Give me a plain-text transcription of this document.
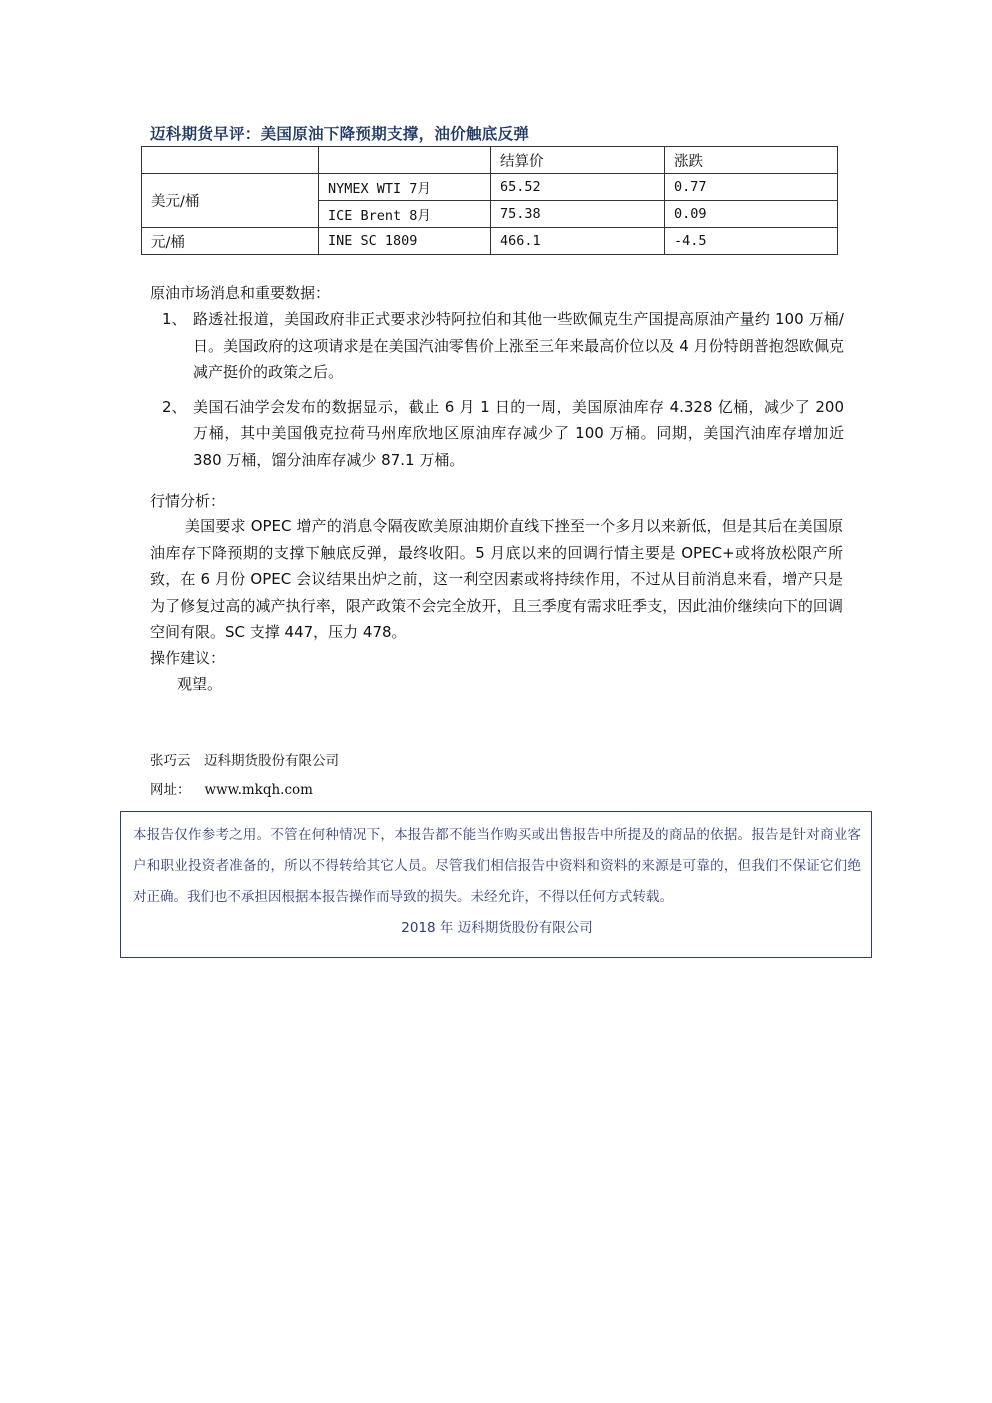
迈科期货早评：美国原油下降预期支撑，油价触底反弹
		结算价	涨跌
美元/桶	NYMEX WTI 7月	65.52	0.77
	ICE Brent 8月	75.38	0.09
元/桶	INE SC 1809	466.1	-4.5
原油市场消息和重要数据：
1、 路透社报道，美国政府非正式要求沙特阿拉伯和其他一些欧佩克生产国提高原油产量约 100 万桶/日。美国政府的这项请求是在美国汽油零售价上涨至三年来最高价位以及 4 月份特朗普抱怨欧佩克减产挺价的政策之后。
2、 美国石油学会发布的数据显示，截止 6 月 1 日的一周，美国原油库存 4.328 亿桶，减少了 200 万桶，其中美国俄克拉荷马州库欣地区原油库存减少了 100 万桶。同期，美国汽油库存增加近 380 万桶，馏分油库存减少 87.1 万桶。
行情分析：

美国要求 OPEC 增产的消息令隔夜欧美原油期价直线下挫至一个多月以来新低，但是其后在美国原油库存下降预期的支撑下触底反弹，最终收阳。5 月底以来的回调行情主要是 OPEC+或将放松限产所致，在 6 月份 OPEC 会议结果出炉之前，这一利空因素或将持续作用，不过从目前消息来看，增产只是为了修复过高的减产执行率，限产政策不会完全放开，且三季度有需求旺季支，因此油价继续向下的回调空间有限。SC 支撑 447，压力 478。

操作建议：
观望。
张巧云　迈科期货股份有限公司
网址： www.mkqh.com

本报告仅作参考之用。不管在何种情况下，本报告都不能当作购买或出售报告中所提及的商品的依据。报告是针对商业客户和职业投资者准备的，所以不得转给其它人员。尽管我们相信报告中资料和资料的来源是可靠的，但我们不保证它们绝对正确。我们也不承担因根据本报告操作而导致的损失。未经允许，不得以任何方式转载。

2018 年 迈科期货股份有限公司
